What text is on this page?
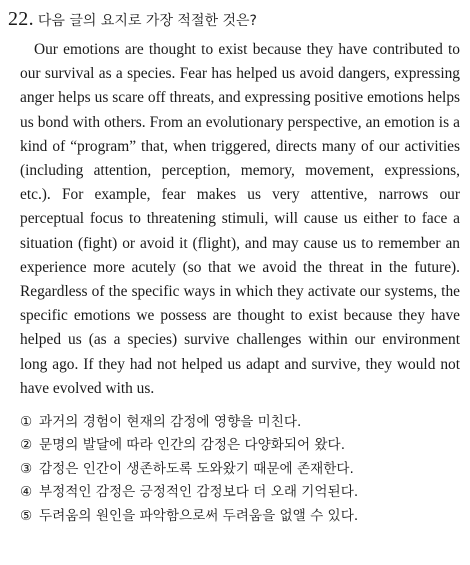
22. 다음 글의 요지로 가장 적절한 것은?

Our emotions are thought to exist because they have contributed to our survival as a species. Fear has helped us avoid dangers, expressing anger helps us scare off threats, and expressing positive emotions helps us bond with others. From an evolutionary perspective, an emotion is a kind of “program” that, when triggered, directs many of our activities (including attention, perception, memory, movement, expressions, etc.). For example, fear makes us very attentive, narrows our perceptual focus to threatening stimuli, will cause us either to face a situation (fight) or avoid it (flight), and may cause us to remember an experience more acutely (so that we avoid the threat in the future). Regardless of the specific ways in which they activate our systems, the specific emotions we possess are thought to exist because they have helped us (as a species) survive challenges within our environment long ago. If they had not helped us adapt and survive, they would not have evolved with us.

① 과거의 경험이 현재의 감정에 영향을 미친다.
② 문명의 발달에 따라 인간의 감정은 다양화되어 왔다.
③ 감정은 인간이 생존하도록 도와왔기 때문에 존재한다.
④ 부정적인 감정은 긍정적인 감정보다 더 오래 기억된다.
⑤ 두려움의 원인을 파악함으로써 두려움을 없앨 수 있다.
